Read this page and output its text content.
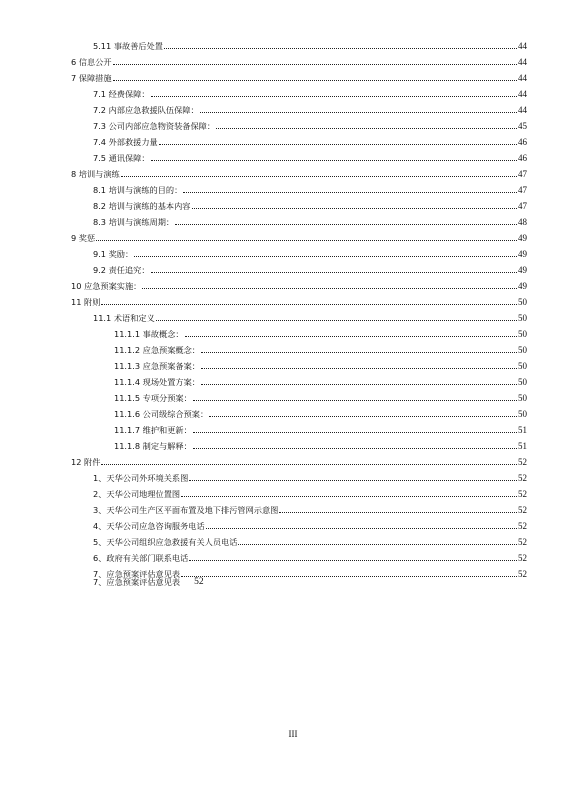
5.11 事故善后处置	44
6 信息公开	44
7 保障措施	44
7.1 经费保障：	44
7.2 内部应急救援队伍保障：	44
7.3 公司内部应急物资装备保障：	45
7.4 外部救援力量	46
7.5 通讯保障：	46
8 培训与演练	47
8.1 培训与演练的目的：	47
8.2 培训与演练的基本内容	47
8.3 培训与演练周期：	48
9 奖惩	49
9.1 奖励：	49
9.2 责任追究：	49
10 应急预案实施：	49
11 附则	50
11.1 术语和定义	50
11.1.1 事故概念：	50
11.1.2 应急预案概念：	50
11.1.3 应急预案备案：	50
11.1.4 现场处置方案：	50
11.1.5 专项分预案：	50
11.1.6 公司级综合预案：	50
11.1.7 维护和更新：	51
11.1.8 制定与解释：	51
12 附件	52
1、天华公司外环境关系图	52
2、天华公司地理位置图	52
3、天华公司生产区平面布置及地下排污管网示意图	52
4、天华公司应急咨询服务电话	52
5、天华公司组织应急救援有关人员电话	52
6、政府有关部门联系电话	52
7、应急预案评估意见表	52
7、应急预案评估意见表 52
III
